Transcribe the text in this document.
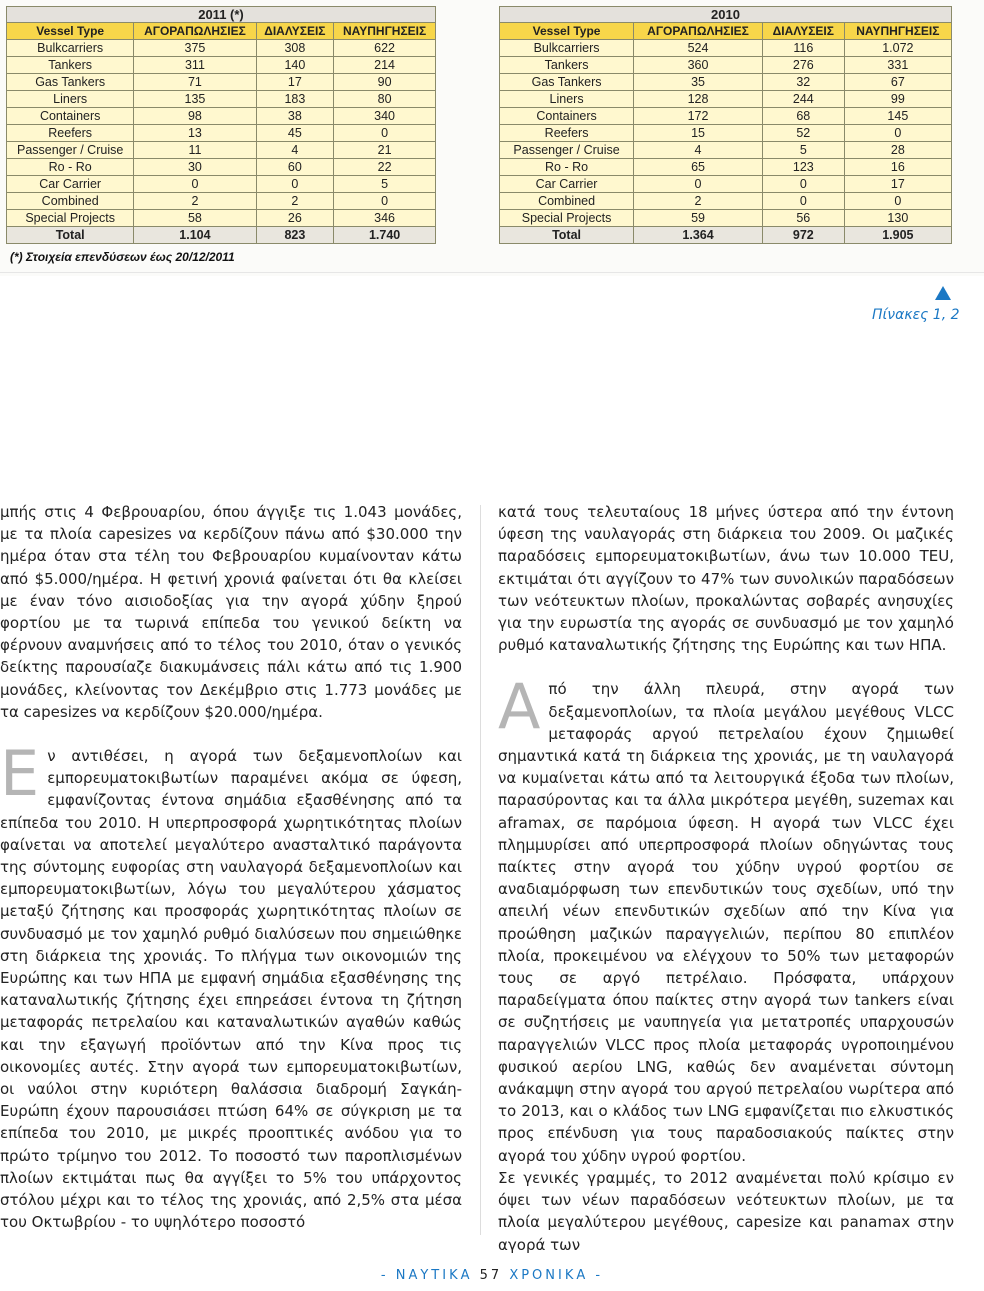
2011 (*)			
Vessel Type	ΑΓΟΡΑΠΩΛΗΣΙΕΣ	ΔΙΑΛΥΣΕΙΣ	ΝΑΥΠΗΓΗΣΕΙΣ
Bulkcarriers	375	308	622
Tankers	311	140	214
Gas Tankers	71	17	90
Liners	135	183	80
Containers	98	38	340
Reefers	13	45	0
Passenger / Cruise	11	4	21
Ro - Ro	30	60	22
Car Carrier	0	0	5
Combined	2	2	0
Special Projects	58	26	346
Total	1.104	823	1.740
2010			
Vessel Type	ΑΓΟΡΑΠΩΛΗΣΙΕΣ	ΔΙΑΛΥΣΕΙΣ	ΝΑΥΠΗΓΗΣΕΙΣ
Bulkcarriers	524	116	1.072
Tankers	360	276	331
Gas Tankers	35	32	67
Liners	128	244	99
Containers	172	68	145
Reefers	15	52	0
Passenger / Cruise	4	5	28
Ro - Ro	65	123	16
Car Carrier	0	0	17
Combined	2	0	0
Special Projects	59	56	130
Total	1.364	972	1.905
(*) Στοιχεία επενδύσεων έως 20/12/2011
Πίνακες 1, 2

μπής στις 4 Φεβρουαρίου, όπου άγγιξε τις 1.043 μονάδες, με τα πλοία capesizes να κερδίζουν πάνω από $30.000 την ημέρα όταν στα τέλη του Φεβρουαρίου κυμαίνονταν κάτω από $5.000/ημέρα. Η φετινή χρονιά φαίνεται ότι θα κλείσει με έναν τόνο αισιοδοξίας για την αγορά χύδην ξηρού φορτίου με τα τωρινά επίπεδα του γενικού δείκτη να φέρνουν αναμνήσεις από το τέλος του 2010, όταν ο γενικός δείκτης παρουσίαζε διακυμάνσεις πάλι κάτω από τις 1.900 μονάδες, κλείνοντας τον Δεκέμβριο στις 1.773 μονάδες με τα capesizes να κερδίζουν $20.000/ημέρα.

Εν αντιθέσει, η αγορά των δεξαμενοπλοίων και εμπορευματοκιβωτίων παραμένει ακόμα σε ύφεση, εμφανίζοντας έντονα σημάδια εξασθένησης από τα επίπεδα του 2010. Η υπερπροσφορά χωρητικότητας πλοίων φαίνεται να αποτελεί μεγαλύτερο ανασταλτικό παράγοντα της σύντομης ευφορίας στη ναυλαγορά δεξαμενοπλοίων και εμπορευματοκιβωτίων, λόγω του μεγαλύτερου χάσματος μεταξύ ζήτησης και προσφοράς χωρητικότητας πλοίων σε συνδυασμό με τον χαμηλό ρυθμό διαλύσεων που σημειώθηκε στη διάρκεια της χρονιάς. Το πλήγμα των οικονομιών της Ευρώπης και των ΗΠΑ με εμφανή σημάδια εξασθένησης της καταναλωτικής ζήτησης έχει επηρεάσει έντονα τη ζήτηση μεταφοράς πετρελαίου και καταναλωτικών αγαθών καθώς και την εξαγωγή προϊόντων από την Κίνα προς τις οικονομίες αυτές. Στην αγορά των εμπορευματοκιβωτίων, οι ναύλοι στην κυριότερη θαλάσσια διαδρομή Σαγκάη-Ευρώπη έχουν παρουσιάσει πτώση 64% σε σύγκριση με τα επίπεδα του 2010, με μικρές προοπτικές ανόδου για το πρώτο τρίμηνο του 2012. Το ποσοστό των παροπλισμένων πλοίων εκτιμάται πως θα αγγίξει το 5% του υπάρχοντος στόλου μέχρι και το τέλος της χρονιάς, από 2,5% στα μέσα του Οκτωβρίου - το υψηλότερο ποσοστό

κατά τους τελευταίους 18 μήνες ύστερα από την έντονη ύφεση της ναυλαγοράς στη διάρκεια του 2009. Οι μαζικές παραδόσεις εμπορευματοκιβωτίων, άνω των 10.000 TEU, εκτιμάται ότι αγγίζουν το 47% των συνολικών παραδόσεων των νεότευκτων πλοίων, προκαλώντας σοβαρές ανησυχίες για την ευρωστία της αγοράς σε συνδυασμό με τον χαμηλό ρυθμό καταναλωτικής ζήτησης της Ευρώπης και των ΗΠΑ.

Από την άλλη πλευρά, στην αγορά των δεξαμενοπλοίων, τα πλοία μεγάλου μεγέθους VLCC μεταφοράς αργού πετρελαίου έχουν ζημιωθεί σημαντικά κατά τη διάρκεια της χρονιάς, με τη ναυλαγορά να κυμαίνεται κάτω από τα λειτουργικά έξοδα των πλοίων, παρασύροντας και τα άλλα μικρότερα μεγέθη, suzemax και aframax, σε παρόμοια ύφεση. Η αγορά των VLCC έχει πλημμυρίσει από υπερπροσφορά πλοίων οδηγώντας τους παίκτες στην αγορά του χύδην υγρού φορτίου σε αναδιαμόρφωση των επενδυτικών τους σχεδίων, υπό την απειλή νέων επενδυτικών σχεδίων από την Κίνα για προώθηση μαζικών παραγγελιών, περίπου 80 επιπλέον πλοία, προκειμένου να ελέγχουν το 50% των μεταφορών τους σε αργό πετρέλαιο. Πρόσφατα, υπάρχουν παραδείγματα όπου παίκτες στην αγορά των tankers είναι σε συζητήσεις με ναυπηγεία για μετατροπές υπαρχουσών παραγγελιών VLCC προς πλοία μεταφοράς υγροποιημένου φυσικού αερίου LNG, καθώς δεν αναμένεται σύντομη ανάκαμψη στην αγορά του αργού πετρελαίου νωρίτερα από το 2013, και ο κλάδος των LNG εμφανίζεται πιο ελκυστικός προς επένδυση για τους παραδοσιακούς παίκτες στην αγορά του χύδην υγρού φορτίου.

Σε γενικές γραμμές, το 2012 αναμένεται πολύ κρίσιμο εν όψει των νέων παραδόσεων νεότευκτων πλοίων, με τα πλοία μεγαλύτερου μεγέθους, capesize και panamax στην αγορά των

- ΝΑΥΤΙΚΑ 57 ΧΡΟΝΙΚΑ -
